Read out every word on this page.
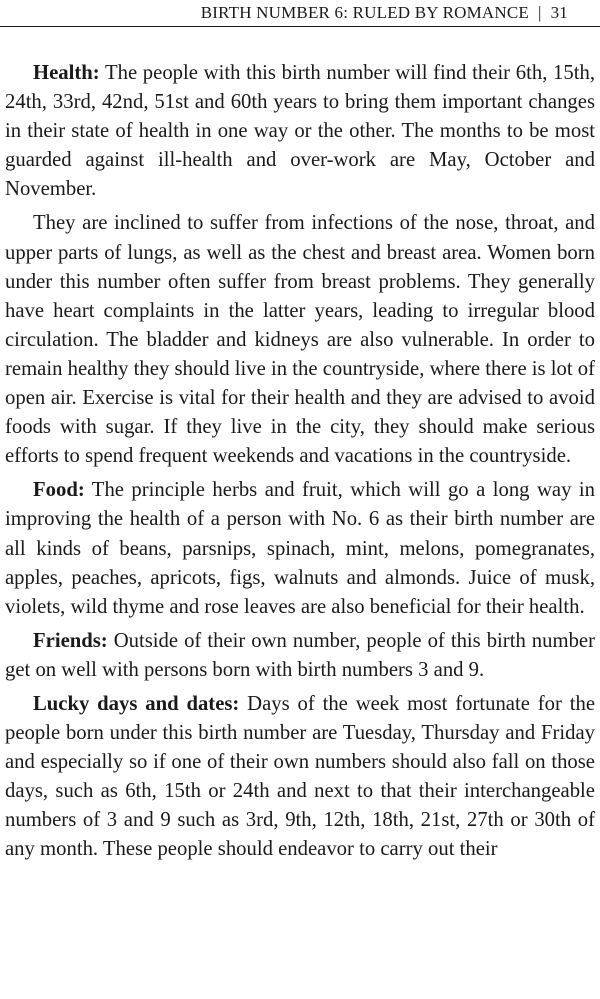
BIRTH NUMBER 6: RULED BY ROMANCE | 31

Health: The people with this birth number will find their 6th, 15th, 24th, 33rd, 42nd, 51st and 60th years to bring them important changes in their state of health in one way or the other. The months to be most guarded against ill-health and over-work are May, October and November.

They are inclined to suffer from infections of the nose, throat, and upper parts of lungs, as well as the chest and breast area. Women born under this number often suffer from breast problems. They generally have heart complaints in the latter years, leading to irregular blood circulation. The bladder and kidneys are also vulnerable. In order to remain healthy they should live in the countryside, where there is lot of open air. Exercise is vital for their health and they are advised to avoid foods with sugar. If they live in the city, they should make serious efforts to spend frequent weekends and vacations in the countryside.

Food: The principle herbs and fruit, which will go a long way in improving the health of a person with No. 6 as their birth number are all kinds of beans, parsnips, spinach, mint, melons, pomegranates, apples, peaches, apricots, figs, walnuts and almonds. Juice of musk, violets, wild thyme and rose leaves are also beneficial for their health.

Friends: Outside of their own number, people of this birth number get on well with persons born with birth numbers 3 and 9.

Lucky days and dates: Days of the week most fortunate for the people born under this birth number are Tuesday, Thursday and Friday and especially so if one of their own numbers should also fall on those days, such as 6th, 15th or 24th and next to that their interchangeable numbers of 3 and 9 such as 3rd, 9th, 12th, 18th, 21st, 27th or 30th of any month. These people should endeavor to carry out their
